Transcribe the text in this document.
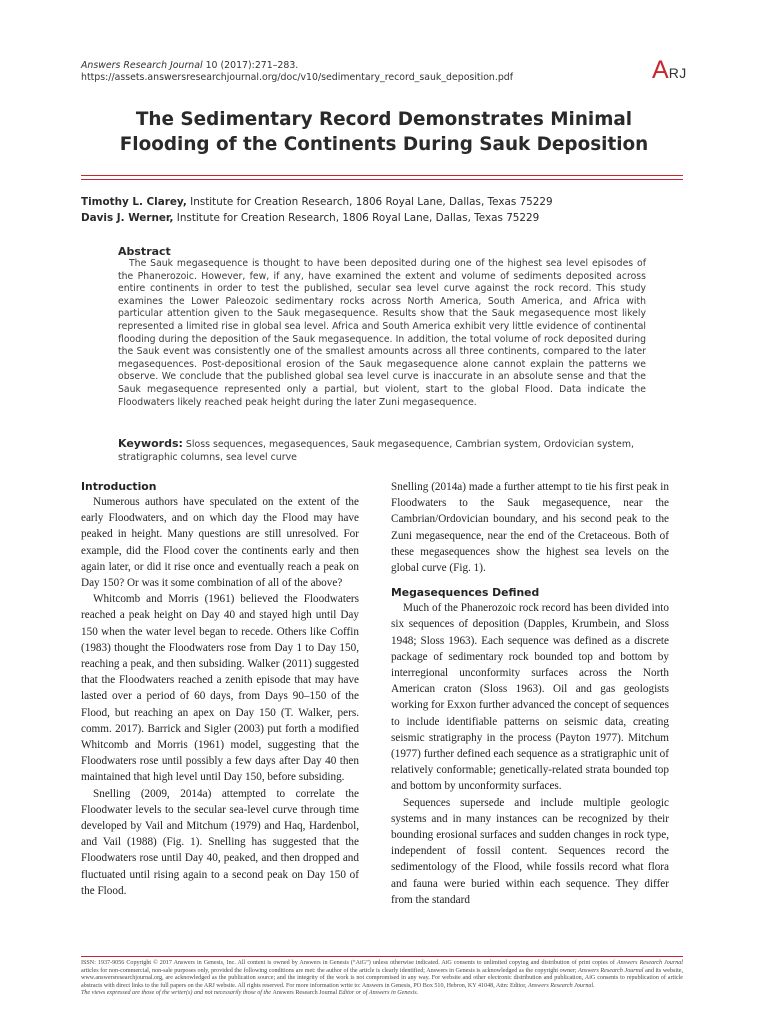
Answers Research Journal 10 (2017):271–283.
https://assets.answersresearchjournal.org/doc/v10/sedimentary_record_sauk_deposition.pdf	ARJ
The Sedimentary Record Demonstrates Minimal
Flooding of the Continents During Sauk Deposition
Timothy L. Clarey, Institute for Creation Research, 1806 Royal Lane, Dallas, Texas 75229
Davis J. Werner, Institute for Creation Research, 1806 Royal Lane, Dallas, Texas 75229
Abstract
The Sauk megasequence is thought to have been deposited during one of the highest sea level episodes of the Phanerozoic. However, few, if any, have examined the extent and volume of sediments deposited across entire continents in order to test the published, secular sea level curve against the rock record. This study examines the Lower Paleozoic sedimentary rocks across North America, South America, and Africa with particular attention given to the Sauk megasequence. Results show that the Sauk megasequence most likely represented a limited rise in global sea level. Africa and South America exhibit very little evidence of continental flooding during the deposition of the Sauk megasequence. In addition, the total volume of rock deposited during the Sauk event was consistently one of the smallest amounts across all three continents, compared to the later megasequences. Post-depositional erosion of the Sauk megasequence alone cannot explain the patterns we observe. We conclude that the published global sea level curve is inaccurate in an absolute sense and that the Sauk megasequence represented only a partial, but violent, start to the global Flood. Data indicate the Floodwaters likely reached peak height during the later Zuni megasequence.
Keywords: Sloss sequences, megasequences, Sauk megasequence, Cambrian system, Ordovician system, stratigraphic columns, sea level curve
Introduction

Numerous authors have speculated on the extent of the early Floodwaters, and on which day the Flood may have peaked in height. Many questions are still unresolved. For example, did the Flood cover the continents early and then again later, or did it rise once and eventually reach a peak on Day 150? Or was it some combination of all of the above?

Whitcomb and Morris (1961) believed the Floodwaters reached a peak height on Day 40 and stayed high until Day 150 when the water level began to recede. Others like Coffin (1983) thought the Floodwaters rose from Day 1 to Day 150, reaching a peak, and then subsiding. Walker (2011) suggested that the Floodwaters reached a zenith episode that may have lasted over a period of 60 days, from Days 90–150 of the Flood, but reaching an apex on Day 150 (T. Walker, pers. comm. 2017). Barrick and Sigler (2003) put forth a modified Whitcomb and Morris (1961) model, suggesting that the Floodwaters rose until possibly a few days after Day 40 then maintained that high level until Day 150, before subsiding.

Snelling (2009, 2014a) attempted to correlate the Floodwater levels to the secular sea-level curve through time developed by Vail and Mitchum (1979) and Haq, Hardenbol, and Vail (1988) (Fig. 1). Snelling has suggested that the Floodwaters rose until Day 40, peaked, and then dropped and fluctuated until rising again to a second peak on Day 150 of the Flood.

Snelling (2014a) made a further attempt to tie his first peak in Floodwaters to the Sauk megasequence, near the Cambrian/Ordovician boundary, and his second peak to the Zuni megasequence, near the end of the Cretaceous. Both of these megasequences show the highest sea levels on the global curve (Fig. 1).

Megasequences Defined

Much of the Phanerozoic rock record has been divided into six sequences of deposition (Dapples, Krumbein, and Sloss 1948; Sloss 1963). Each sequence was defined as a discrete package of sedimentary rock bounded top and bottom by interregional unconformity surfaces across the North American craton (Sloss 1963). Oil and gas geologists working for Exxon further advanced the concept of sequences to include identifiable patterns on seismic data, creating seismic stratigraphy in the process (Payton 1977). Mitchum (1977) further defined each sequence as a stratigraphic unit of relatively conformable; genetically-related strata bounded top and bottom by unconformity surfaces.

Sequences supersede and include multiple geologic systems and in many instances can be recognized by their bounding erosional surfaces and sudden changes in rock type, independent of fossil content. Sequences record the sedimentology of the Flood, while fossils record what flora and fauna were buried within each sequence. They differ from the standard

ISSN: 1937-9056 Copyright © 2017 Answers in Genesis, Inc. All content is owned by Answers in Genesis (“AiG”) unless otherwise indicated. AiG consents to unlimited copying and distribution of print copies of Answers Research Journal articles for non-commercial, non-sale purposes only, provided the following conditions are met: the author of the article is clearly identified; Answers in Genesis is acknowledged as the copyright owner; Answers Research Journal and its website, www.answersresearchjournal.org, are acknowledged as the publication source; and the integrity of the work is not compromised in any way. For website and other electronic distribution and publication, AiG consents to republication of article abstracts with direct links to the full papers on the ARJ website. All rights reserved. For more information write to: Answers in Genesis, PO Box 510, Hebron, KY 41048, Attn: Editor, Answers Research Journal.
The views expressed are those of the writer(s) and not necessarily those of the Answers Research Journal Editor or of Answers in Genesis.
